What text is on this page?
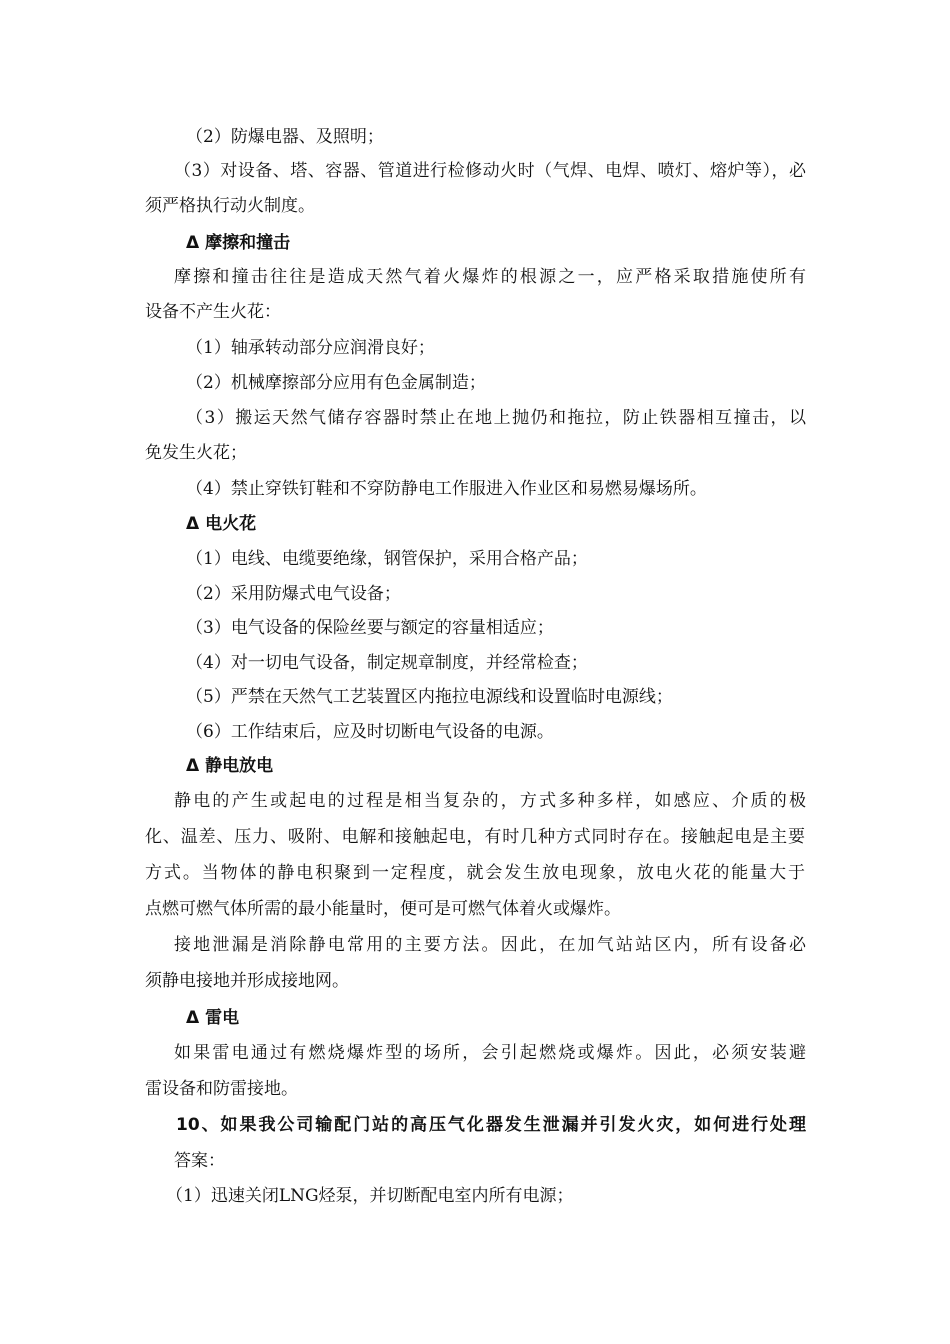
（2）防爆电器、及照明；
（3）对设备、塔、容器、管道进行检修动火时（气焊、电焊、喷灯、熔炉等），必
须严格执行动火制度。
Δ 摩擦和撞击
摩擦和撞击往往是造成天然气着火爆炸的根源之一，应严格采取措施使所有
设备不产生火花：
（1）轴承转动部分应润滑良好；
（2）机械摩擦部分应用有色金属制造；
（3）搬运天然气储存容器时禁止在地上抛仍和拖拉，防止铁器相互撞击，以
免发生火花；
（4）禁止穿铁钉鞋和不穿防静电工作服进入作业区和易燃易爆场所。
Δ 电火花
（1）电线、电缆要绝缘，钢管保护，采用合格产品；
（2）采用防爆式电气设备；
（3）电气设备的保险丝要与额定的容量相适应；
（4）对一切电气设备，制定规章制度，并经常检查；
（5）严禁在天然气工艺装置区内拖拉电源线和设置临时电源线；
（6）工作结束后，应及时切断电气设备的电源。
Δ 静电放电
静电的产生或起电的过程是相当复杂的，方式多种多样，如感应、介质的极
化、温差、压力、吸附、电解和接触起电，有时几种方式同时存在。接触起电是主要
方式。当物体的静电积聚到一定程度，就会发生放电现象，放电火花的能量大于
点燃可燃气体所需的最小能量时，便可是可燃气体着火或爆炸。
接地泄漏是消除静电常用的主要方法。因此，在加气站站区内，所有设备必
须静电接地并形成接地网。
Δ 雷电
如果雷电通过有燃烧爆炸型的场所，会引起燃烧或爆炸。因此，必须安装避
雷设备和防雷接地。
10、如果我公司输配门站的高压气化器发生泄漏并引发火灾，如何进行处理
答案：
（1）迅速关闭LNG烃泵，并切断配电室内所有电源；
